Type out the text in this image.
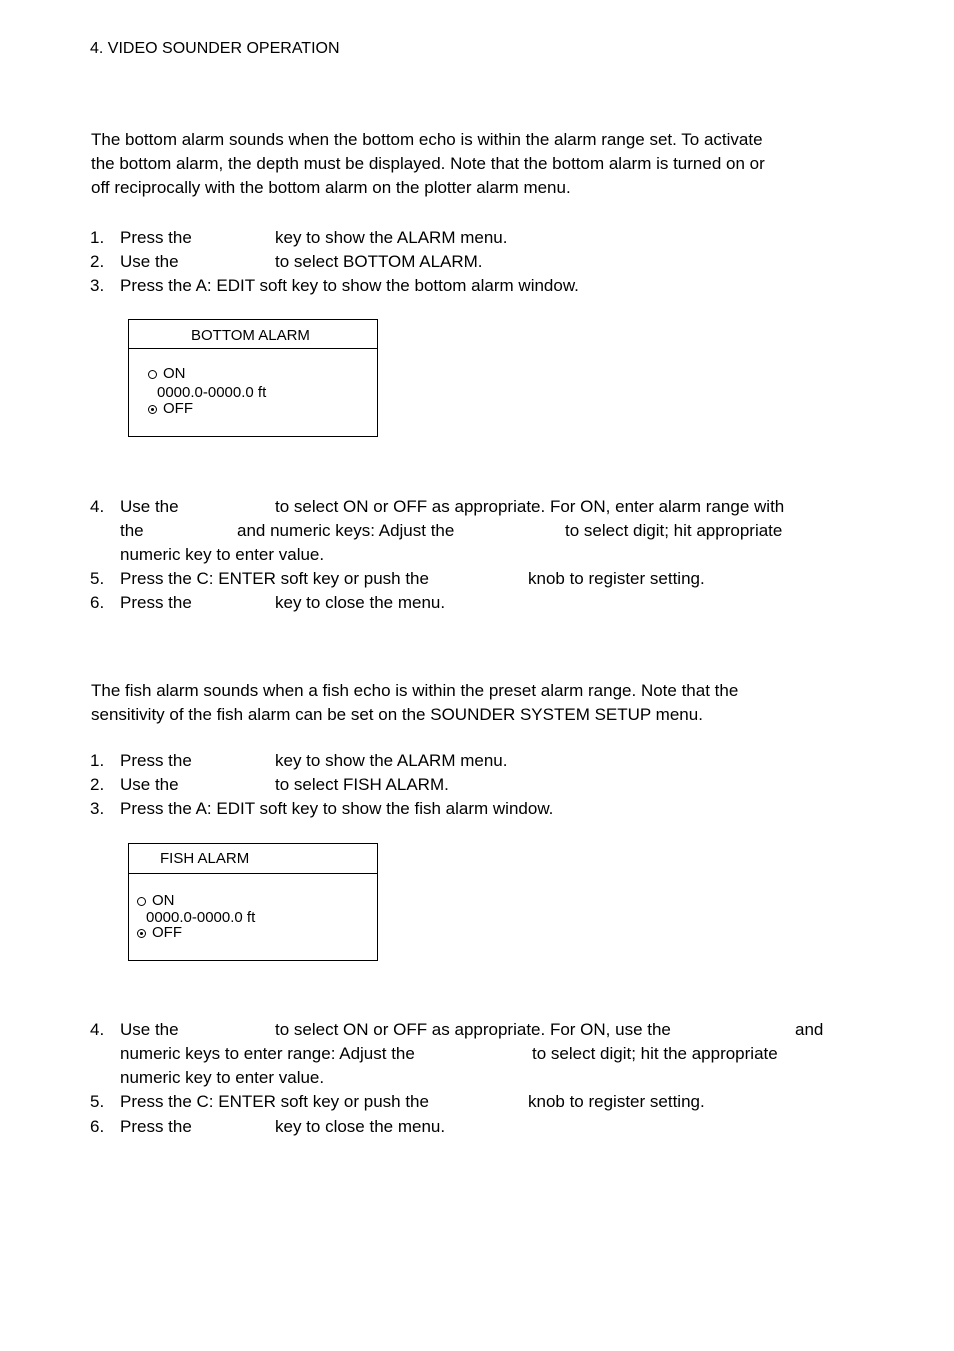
4. VIDEO SOUNDER OPERATION
The bottom alarm sounds when the bottom echo is within the alarm range set. To activate
the bottom alarm, the depth must be displayed. Note that the bottom alarm is turned on or
off reciprocally with the bottom alarm on the plotter alarm menu.
1. Press the	key to show the ALARM menu.
2. Use the	to select BOTTOM ALARM.
3. Press the A: EDIT soft key to show the bottom alarm window.
BOTTOM ALARM
ON
0000.0-0000.0 ft
OFF
4. Use the	to select ON or OFF as appropriate. For ON, enter alarm range with
the	and numeric keys: Adjust the	to select digit; hit appropriate
numeric key to enter value.
5. Press the C: ENTER soft key or push the	knob to register setting.
6. Press the	key to close the menu.
The fish alarm sounds when a fish echo is within the preset alarm range. Note that the
sensitivity of the fish alarm can be set on the SOUNDER SYSTEM SETUP menu.
1. Press the	key to show the ALARM menu.
2. Use the	to select FISH ALARM.
3. Press the A: EDIT soft key to show the fish alarm window.
FISH ALARM
ON
0000.0-0000.0 ft
OFF
4. Use the	to select ON or OFF as appropriate. For ON, use the	and
numeric keys to enter range: Adjust the	to select digit; hit the appropriate
numeric key to enter value.
5. Press the C: ENTER soft key or push the	knob to register setting.
6. Press the	key to close the menu.
